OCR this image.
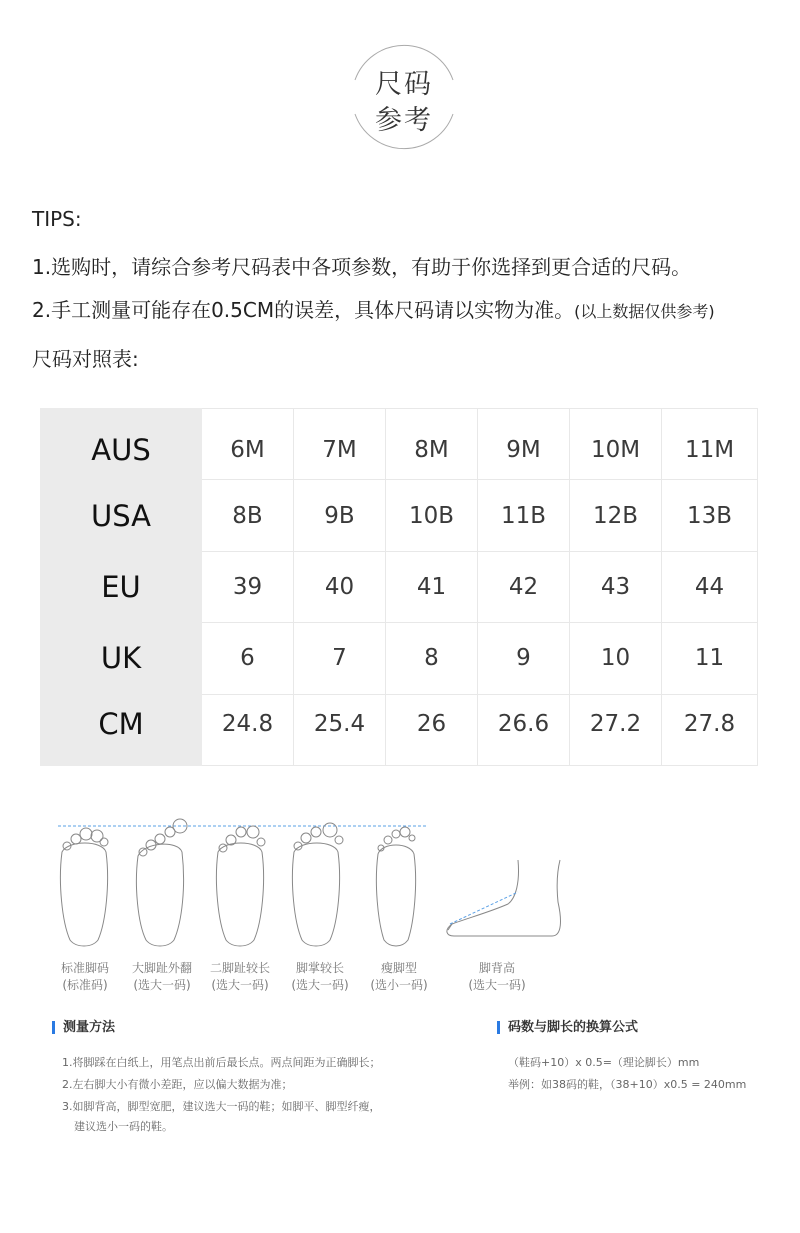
尺码
参考
TIPS:
1.选购时，请综合参考尺码表中各项参数，有助于你选择到更合适的尺码。
2.手工测量可能存在0.5CM的误差，具体尺码请以实物为准。(以上数据仅供参考)
尺码对照表:
AUS	6M	7M	8M	9M	10M	11M
USA	8B	9B	10B	11B	12B	13B
EU	39	40	41	42	43	44
UK	6	7	8	9	10	11
CM	24.8	25.4	26	26.6	27.2	27.8
标准脚码
(标准码)
大脚趾外翻
(选大一码)
二脚趾较长
(选大一码)
脚掌较长
(选大一码)
瘦脚型
(选小一码)
脚背高
(选大一码)
测量方法
1.将脚踩在白纸上，用笔点出前后最长点。两点间距为正确脚长；
2.左右脚大小有微小差距，应以偏大数据为准；
3.如脚背高，脚型宽肥，建议选大一码的鞋；如脚平、脚型纤瘦，
建议选小一码的鞋。
码数与脚长的换算公式
（鞋码+10）x 0.5=（理论脚长）mm
举例：如38码的鞋，（38+10）x0.5 = 240mm
